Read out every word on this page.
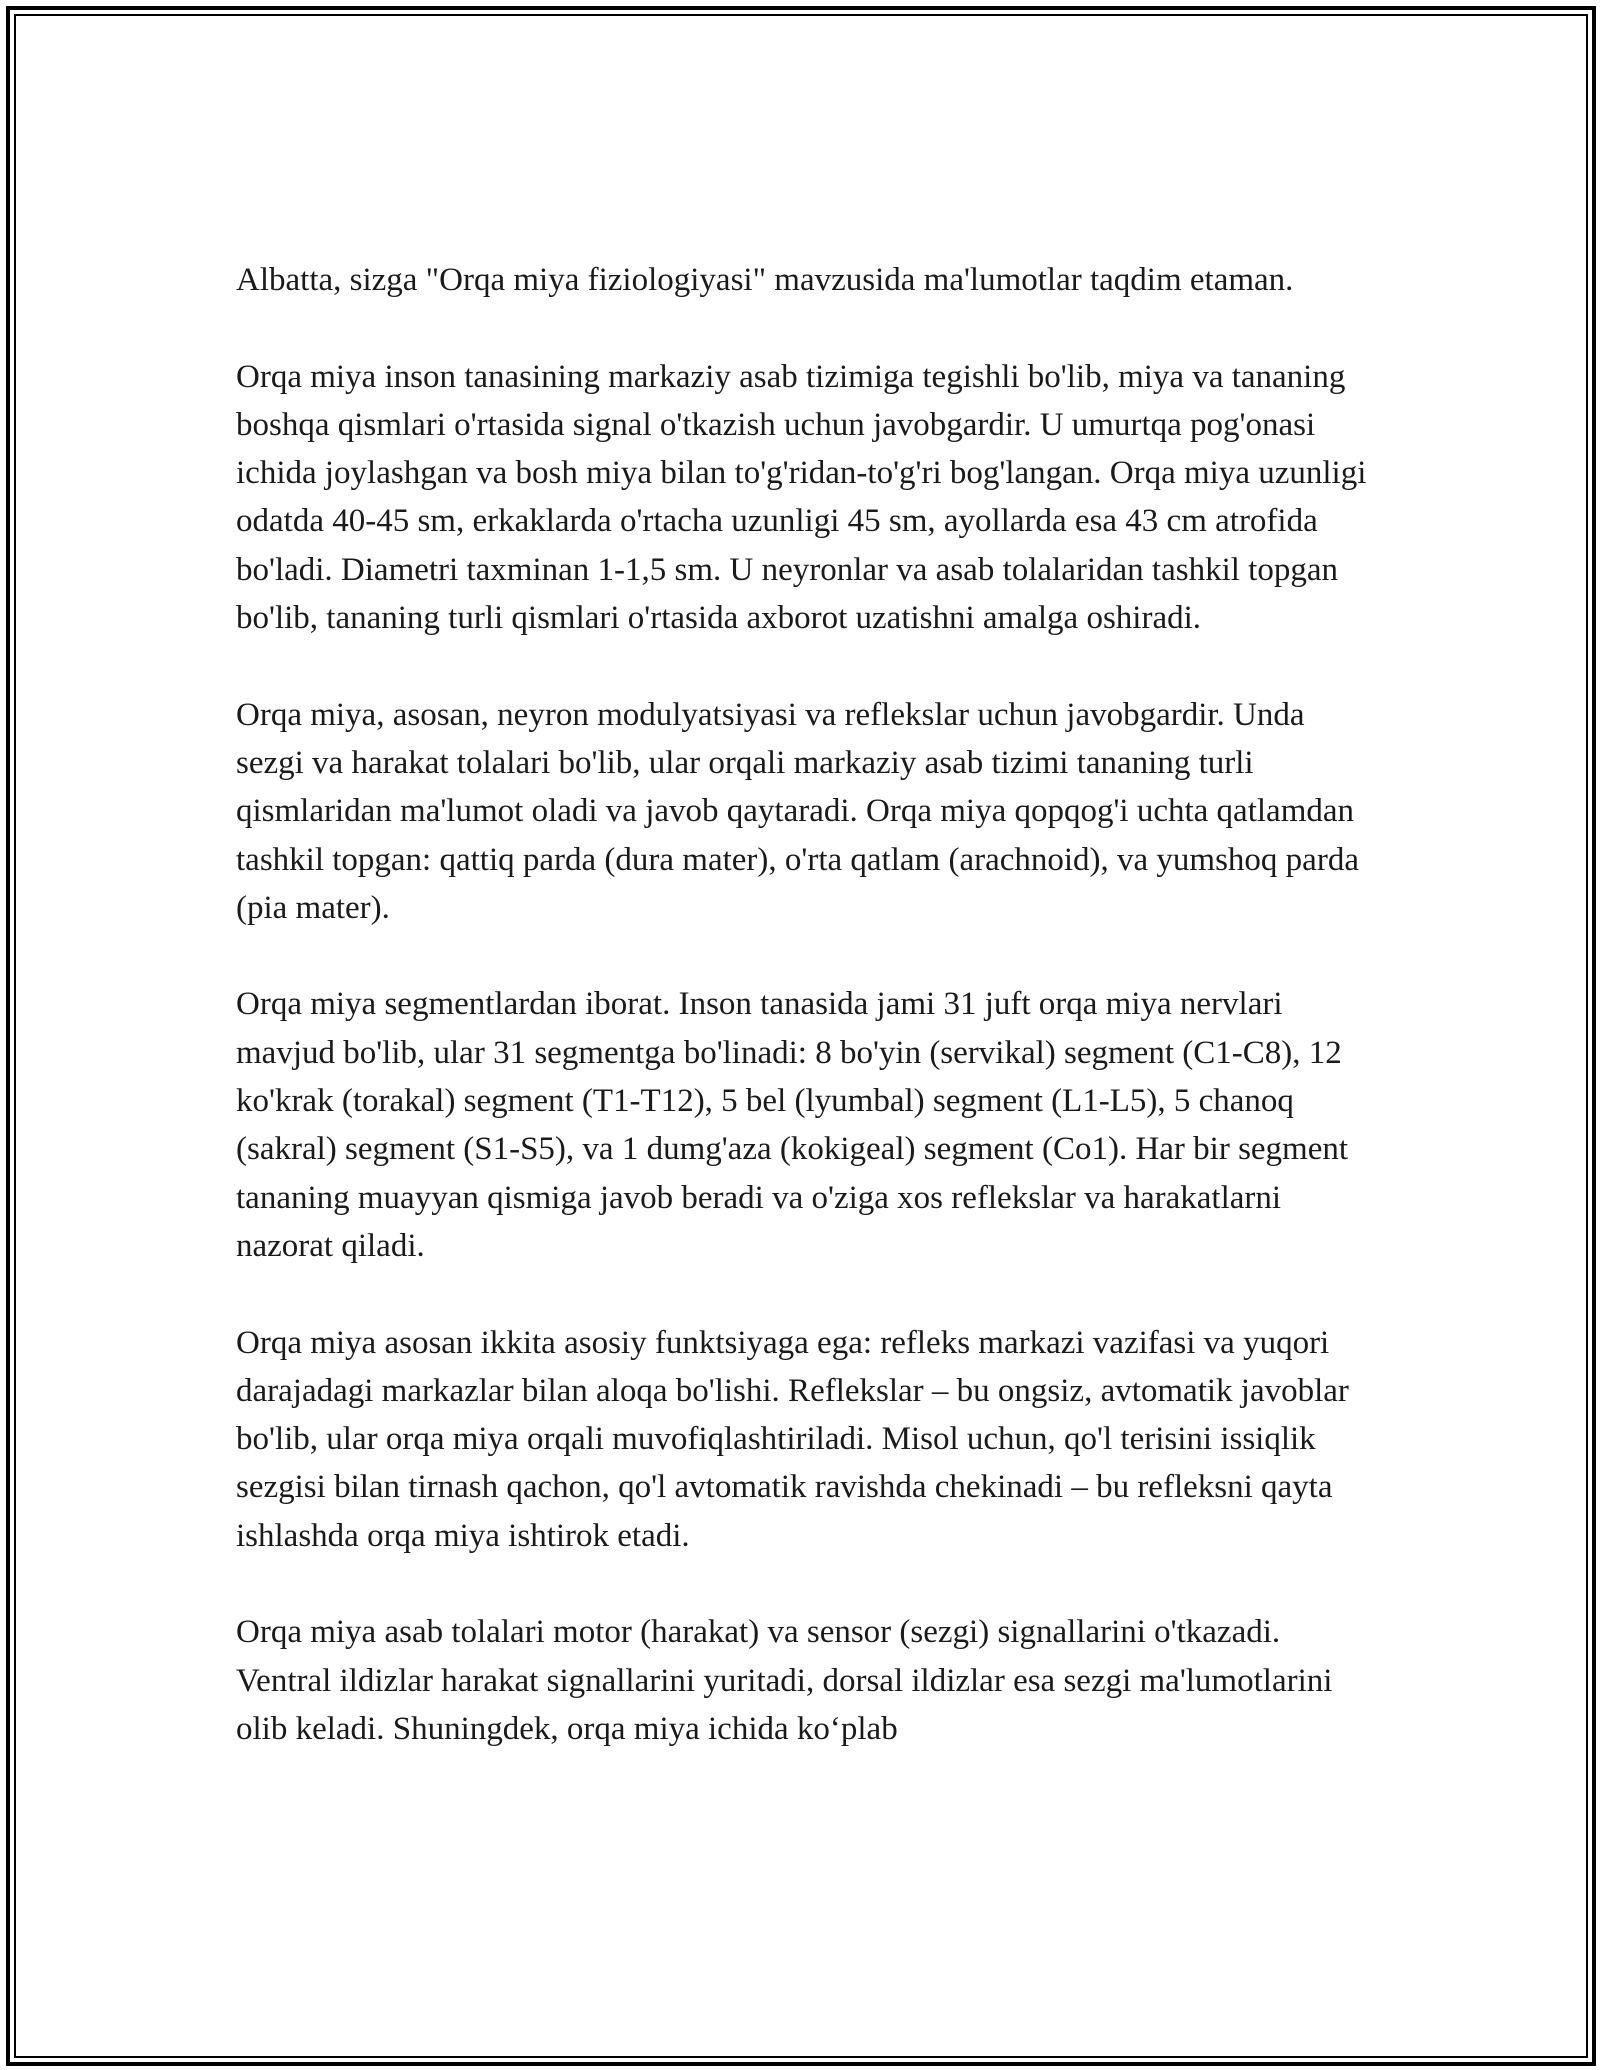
Albatta, sizga "Orqa miya fiziologiyasi" mavzusida ma'lumotlar taqdim etaman.

Orqa miya inson tanasining markaziy asab tizimiga tegishli bo'lib, miya va tananing boshqa qismlari o'rtasida signal o'tkazish uchun javobgardir. U umurtqa pog'onasi ichida joylashgan va bosh miya bilan to'g'ridan-to'g'ri bog'langan. Orqa miya uzunligi odatda 40-45 sm, erkaklarda o'rtacha uzunligi 45 sm, ayollarda esa 43 cm atrofida bo'ladi. Diametri taxminan 1-1,5 sm. U neyronlar va asab tolalaridan tashkil topgan bo'lib, tananing turli qismlari o'rtasida axborot uzatishni amalga oshiradi.

Orqa miya, asosan, neyron modulyatsiyasi va reflekslar uchun javobgardir. Unda sezgi va harakat tolalari bo'lib, ular orqali markaziy asab tizimi tananing turli qismlaridan ma'lumot oladi va javob qaytaradi. Orqa miya qopqog'i uchta qatlamdan tashkil topgan: qattiq parda (dura mater), o'rta qatlam (arachnoid), va yumshoq parda (pia mater).

Orqa miya segmentlardan iborat. Inson tanasida jami 31 juft orqa miya nervlari mavjud bo'lib, ular 31 segmentga bo'linadi: 8 bo'yin (servikal) segment (C1-C8), 12 ko'krak (torakal) segment (T1-T12), 5 bel (lyumbal) segment (L1-L5), 5 chanoq (sakral) segment (S1-S5), va 1 dumg'aza (kokigeal) segment (Co1). Har bir segment tananing muayyan qismiga javob beradi va o'ziga xos reflekslar va harakatlarni nazorat qiladi.

Orqa miya asosan ikkita asosiy funktsiyaga ega: refleks markazi vazifasi va yuqori darajadagi markazlar bilan aloqa bo'lishi. Reflekslar – bu ongsiz, avtomatik javoblar bo'lib, ular orqa miya orqali muvofiqlashtiriladi. Misol uchun, qo'l terisini issiqlik sezgisi bilan tirnash qachon, qo'l avtomatik ravishda chekinadi – bu refleksni qayta ishlashda orqa miya ishtirok etadi.

Orqa miya asab tolalari motor (harakat) va sensor (sezgi) signallarini o'tkazadi. Ventral ildizlar harakat signallarini yuritadi, dorsal ildizlar esa sezgi ma'lumotlarini olib keladi. Shuningdek, orqa miya ichida ko‘plab
